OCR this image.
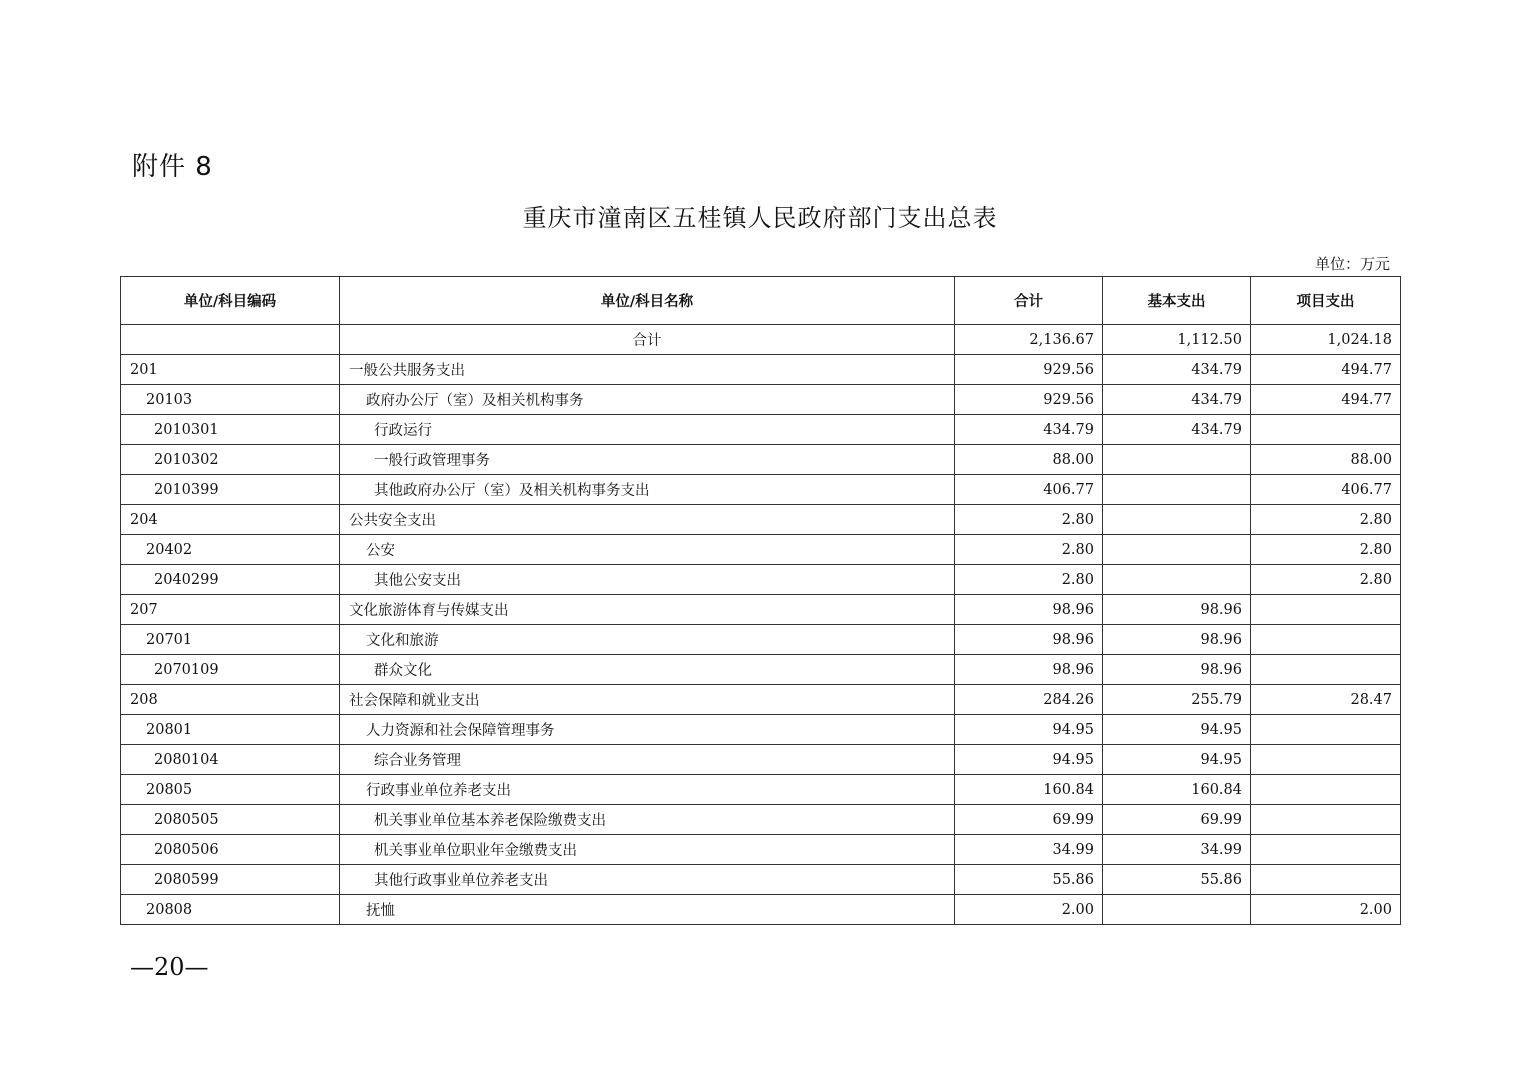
附件 8
重庆市潼南区五桂镇人民政府部门支出总表
单位：万元
单位/科目编码	单位/科目名称	合计	基本支出	项目支出
	合计	2,136.67	1,112.50	1,024.18
201	一般公共服务支出	929.56	434.79	494.77
20103	政府办公厅（室）及相关机构事务	929.56	434.79	494.77
2010301	行政运行	434.79	434.79	
2010302	一般行政管理事务	88.00		88.00
2010399	其他政府办公厅（室）及相关机构事务支出	406.77		406.77
204	公共安全支出	2.80		2.80
20402	公安	2.80		2.80
2040299	其他公安支出	2.80		2.80
207	文化旅游体育与传媒支出	98.96	98.96	
20701	文化和旅游	98.96	98.96	
2070109	群众文化	98.96	98.96	
208	社会保障和就业支出	284.26	255.79	28.47
20801	人力资源和社会保障管理事务	94.95	94.95	
2080104	综合业务管理	94.95	94.95	
20805	行政事业单位养老支出	160.84	160.84	
2080505	机关事业单位基本养老保险缴费支出	69.99	69.99	
2080506	机关事业单位职业年金缴费支出	34.99	34.99	
2080599	其他行政事业单位养老支出	55.86	55.86	
20808	抚恤	2.00		2.00
—20—
